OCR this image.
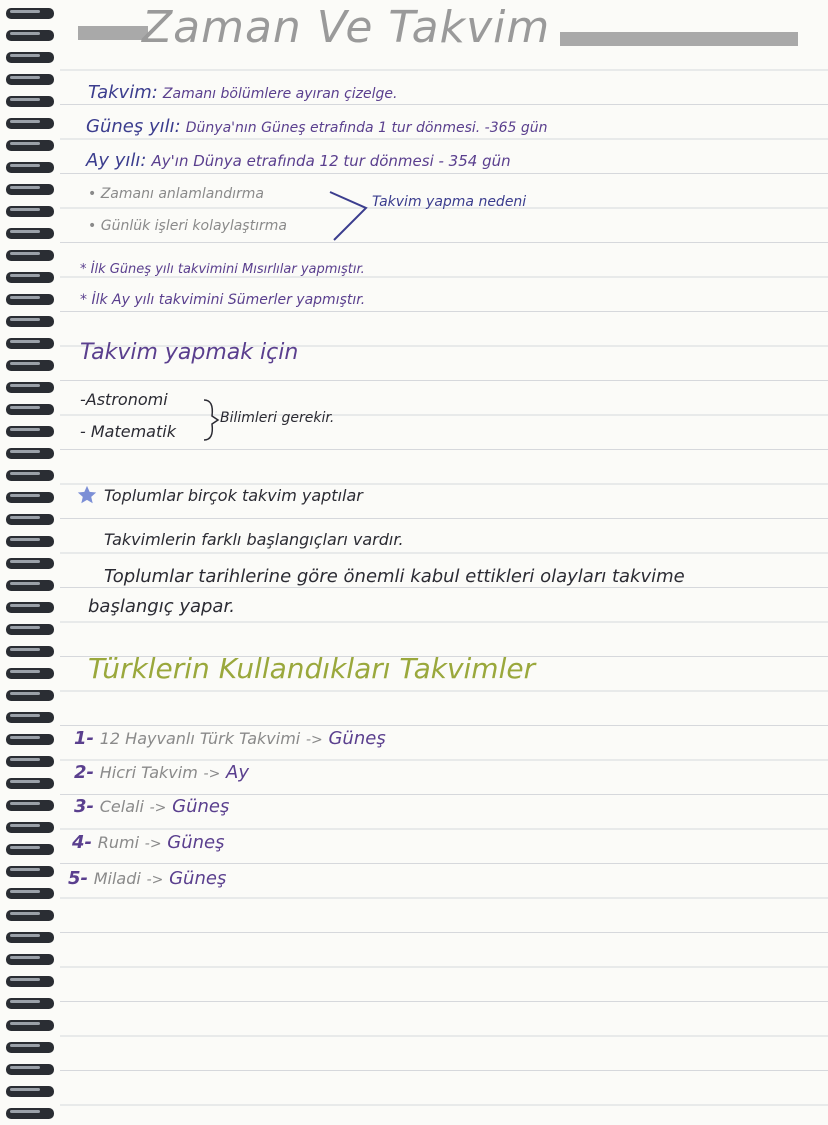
Zaman Ve Takvim
Takvim: Zamanı bölümlere ayıran çizelge.
Güneş yılı: Dünya'nın Güneş etrafında 1 tur dönmesi. -365 gün
Ay yılı: Ay'ın Dünya etrafında 12 tur dönmesi - 354 gün
• Zamanı anlamlandırma
• Günlük işleri kolaylaştırma
Takvim yapma nedeni
* İlk Güneş yılı takvimini Mısırlılar yapmıştır.
* İlk Ay yılı takvimini Sümerler yapmıştır.
Takvim yapmak için
-Astronomi
- Matematik
Bilimleri gerekir.
Toplumlar birçok takvim yaptılar
Takvimlerin farklı başlangıçları vardır.
Toplumlar tarihlerine göre önemli kabul ettikleri olayları takvime
başlangıç yapar.
Türklerin Kullandıkları Takvimler
1- 12 Hayvanlı Türk Takvimi -> Güneş
2- Hicri Takvim -> Ay
3- Celali -> Güneş
4- Rumi -> Güneş
5- Miladi -> Güneş
